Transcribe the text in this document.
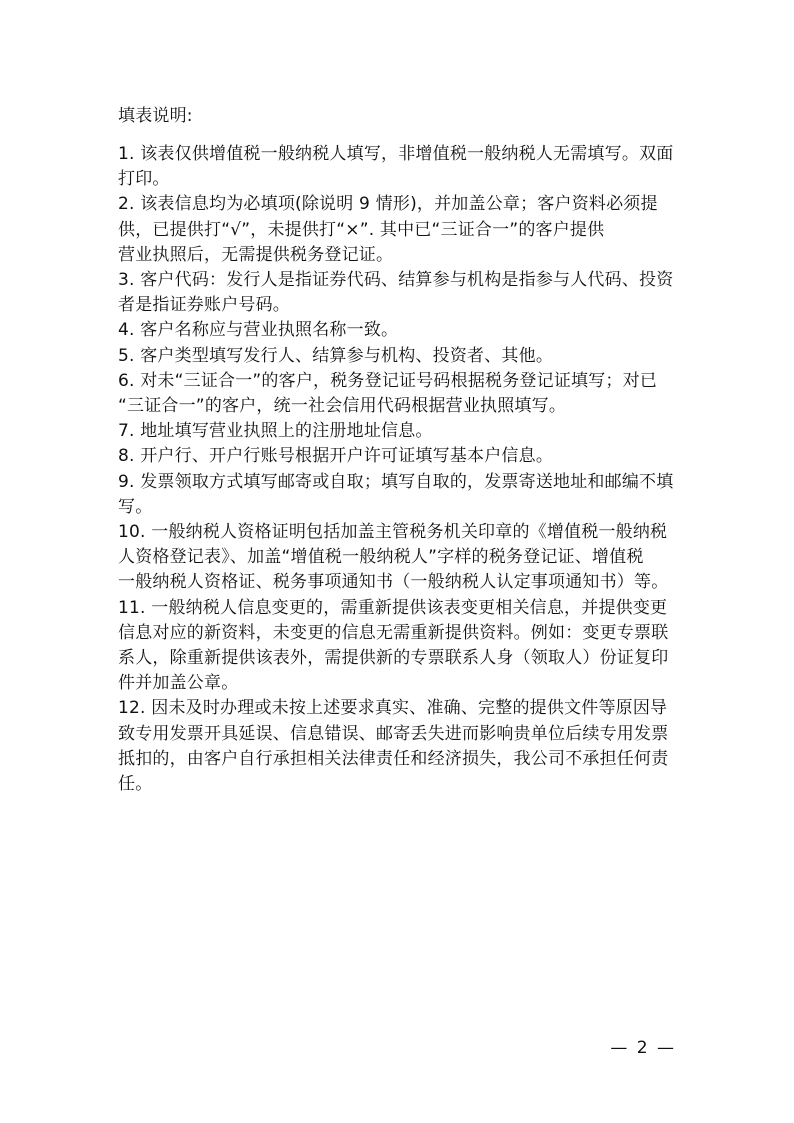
填表说明:
1. 该表仅供增值税一般纳税人填写，非增值税一般纳税人无需填写。双面
打印。
2. 该表信息均为必填项(除说明 9 情形)，并加盖公章；客户资料必须提
供，已提供打“√”，未提供打“×”. 其中已“三证合一”的客户提供
营业执照后，无需提供税务登记证。
3. 客户代码：发行人是指证券代码、结算参与机构是指参与人代码、投资
者是指证券账户号码。
4. 客户名称应与营业执照名称一致。
5. 客户类型填写发行人、结算参与机构、投资者、其他。
6. 对未“三证合一”的客户，税务登记证号码根据税务登记证填写；对已
“三证合一”的客户，统一社会信用代码根据营业执照填写。
7. 地址填写营业执照上的注册地址信息。
8. 开户行、开户行账号根据开户许可证填写基本户信息。
9. 发票领取方式填写邮寄或自取；填写自取的，发票寄送地址和邮编不填
写。
10. 一般纳税人资格证明包括加盖主管税务机关印章的《增值税一般纳税
人资格登记表》、加盖“增值税一般纳税人”字样的税务登记证、增值税
一般纳税人资格证、税务事项通知书（一般纳税人认定事项通知书）等。
11. 一般纳税人信息变更的，需重新提供该表变更相关信息，并提供变更
信息对应的新资料，未变更的信息无需重新提供资料。例如：变更专票联
系人，除重新提供该表外，需提供新的专票联系人身（领取人）份证复印
件并加盖公章。
12. 因未及时办理或未按上述要求真实、准确、完整的提供文件等原因导
致专用发票开具延误、信息错误、邮寄丢失进而影响贵单位后续专用发票
抵扣的，由客户自行承担相关法律责任和经济损失，我公司不承担任何责
任。
— 2 —
